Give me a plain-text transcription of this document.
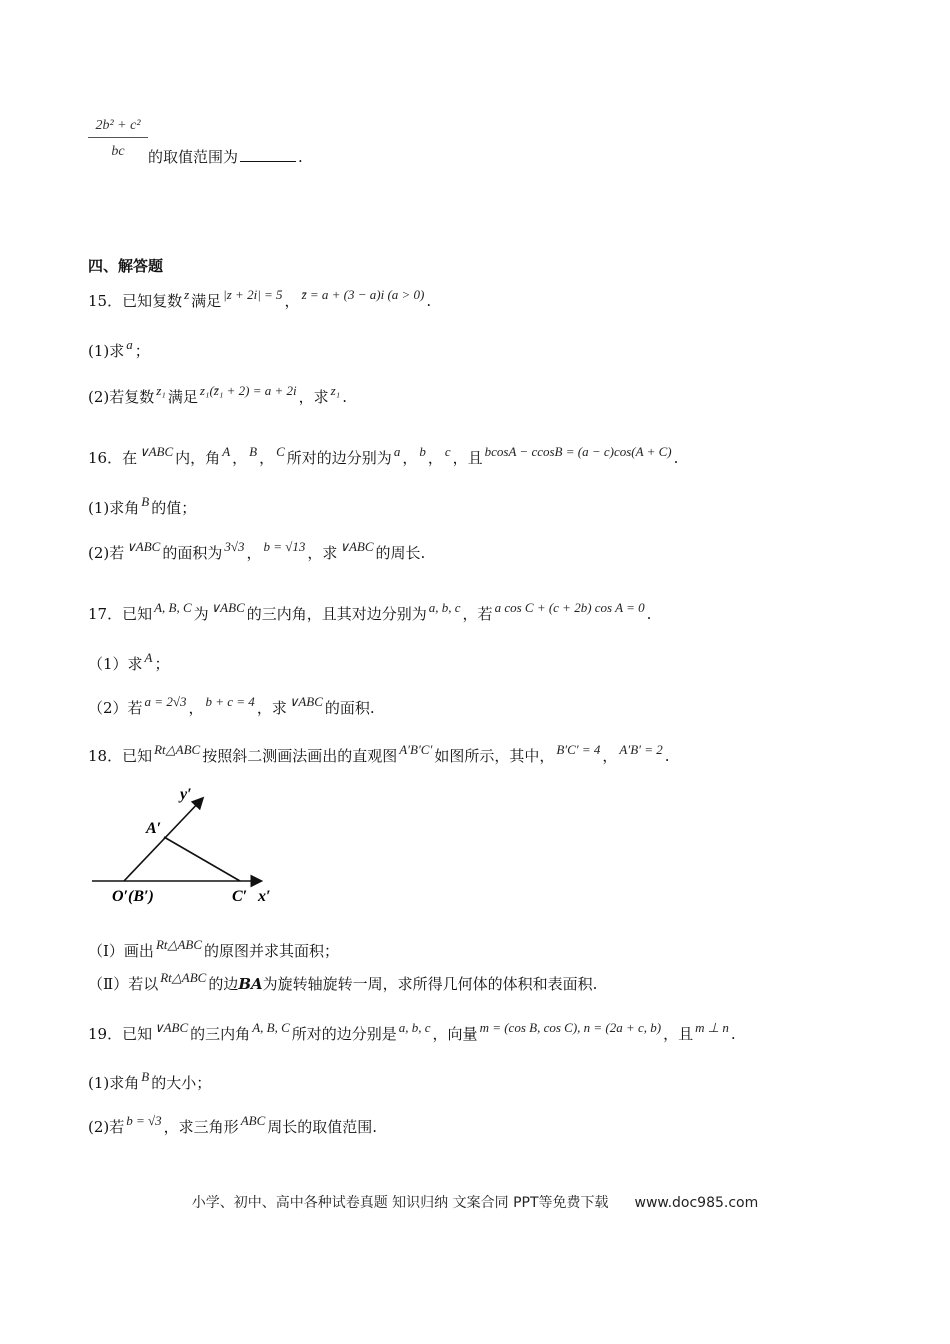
$\frac{\text{2b² + c²}}{bc}$ 的取值范围为	.
四、解答题
15．已知复数 z 满足 |z + 2i| = 5 ， z̄ = a + (3 − a)i (a > 0) .
(1)求 a ；
(2)若复数 z₁ 满足 z₁(z̄₁ + 2) = a + 2i ，求 z₁ .
16．在 ∨ABC 内，角 A ， B ， C 所对的边分别为 a ， b ， c ，且 bcosA − ccosB = (a − c)cos(A + C) .
(1)求角 B 的值；
(2)若 ∨ABC 的面积为 3√3 ， b = √13 ，求 ∨ABC 的周长.
17．已知 A, B, C 为 ∨ABC 的三内角，且其对边分别为 a, b, c ，若 a cos C + (c + 2b) cos A = 0 .
（1）求 A ；
（2）若 a = 2√3 ， b + c = 4 ，求 ∨ABC 的面积.
18．已知 Rt△ABC 按照斜二测画法画出的直观图 A′B′C′ 如图所示，其中， B′C′ = 4 ， A′B′ = 2 .
y′
A′
O′(B′)	C′ x′
（Ⅰ）画出 Rt△ABC 的原图并求其面积；
（Ⅱ）若以 Rt△ABC 的边BA为旋转轴旋转一周，求所得几何体的体积和表面积.
19．已知 ∨ABC 的三内角 A, B, C 所对的边分别是 a, b, c ，向量 m = (cos B, cos C), n = (2a + c, b) ，且 m ⊥ n .
(1)求角 B 的大小；
(2)若 b = √3 ，求三角形 ABC 周长的取值范围.
小学、初中、高中各种试卷真题 知识归纳 文案合同 PPT等免费下载 www.doc985.com
